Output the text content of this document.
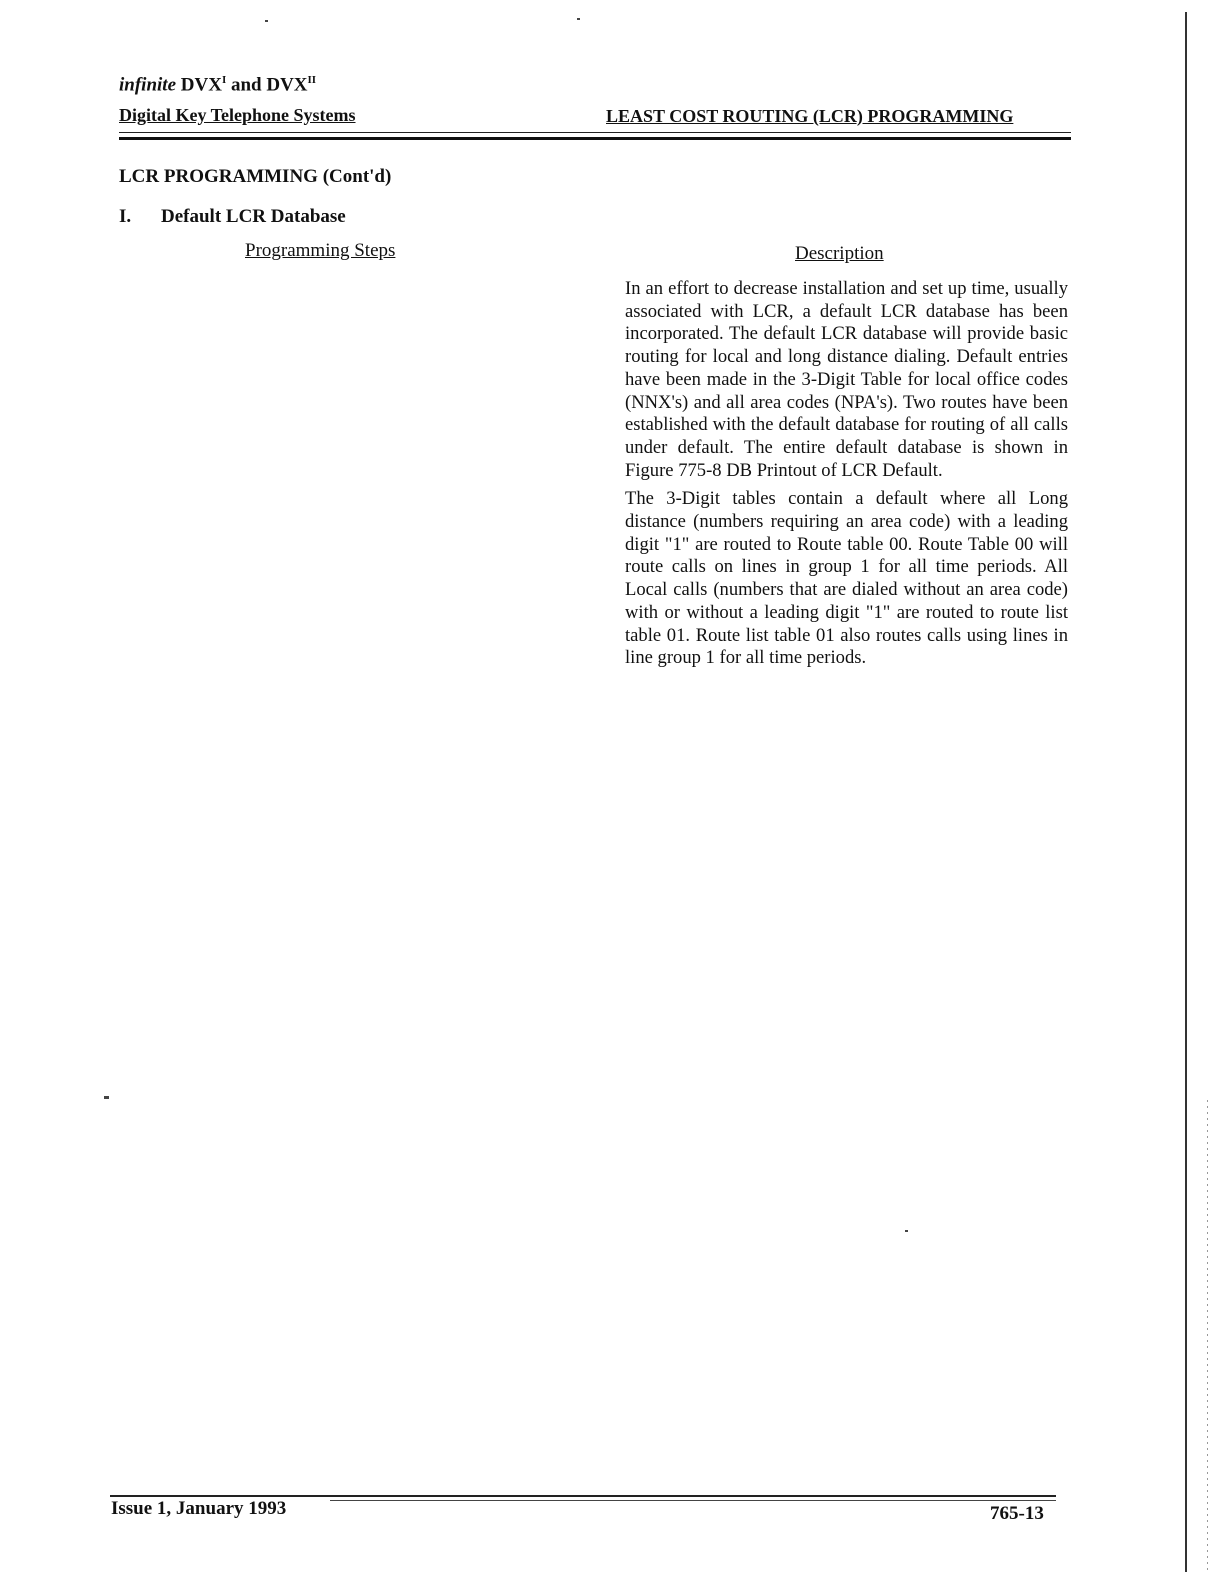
infinite $DVX^I$ and $DVX^{II}$
Digital Key Telephone Systems	LEAST COST ROUTING (LCR) PROGRAMMING
LCR PROGRAMMING (Cont'd)
I. Default LCR Database
Programming Steps	Description

In an effort to decrease installation and set up time, usually associated with LCR, a default LCR database has been incorporated. The default LCR database will provide basic routing for local and long distance dialing. Default entries have been made in the 3-Digit Table for local office codes (NNX's) and all area codes (NPA's). Two routes have been established with the default database for routing of all calls under default. The entire default database is shown in Figure 775-8 DB Printout of LCR Default.

The 3-Digit tables contain a default where all Long distance (numbers requiring an area code) with a leading digit "1" are routed to Route table 00. Route Table 00 will route calls on lines in group 1 for all time periods. All Local calls (numbers that are dialed without an area code) with or without a leading digit "1" are routed to route list table 01. Route list table 01 also routes calls using lines in line group 1 for all time periods.

Issue 1, January 1993	765-13
